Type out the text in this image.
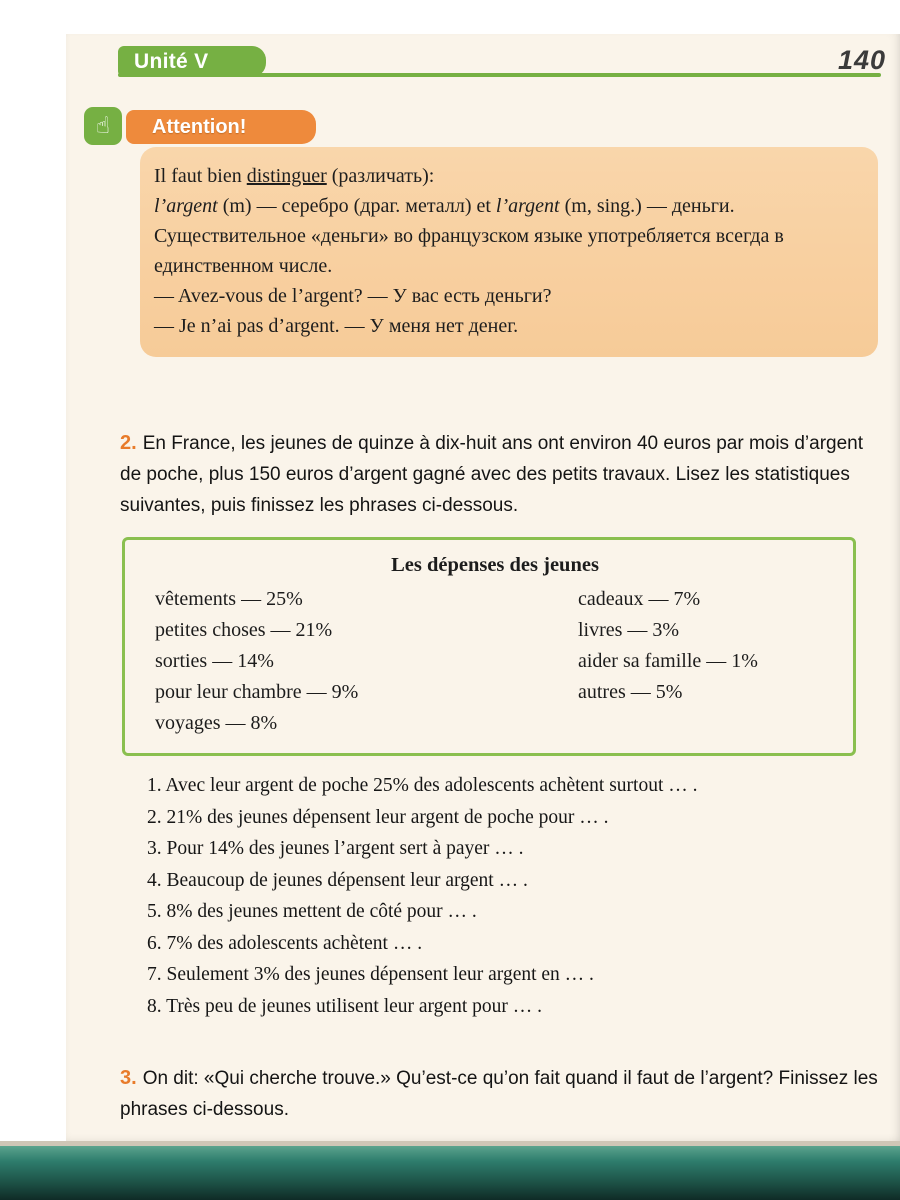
Unité V	140
☝ Attention!
Il faut bien distinguer (различать):
l’argent (m) — серебро (драг. металл) et l’argent (m, sing.) — деньги.
Существительное «деньги» во французском языке употребляется всегда в единственном числе.
— Avez-vous de l’argent? — У вас есть деньги?
— Je n’ai pas d’argent. — У меня нет денег.
2. En France, les jeunes de quinze à dix-huit ans ont environ 40 euros par mois d’argent de poche, plus 150 euros d’argent gagné avec des petits travaux. Lisez les statistiques suivantes, puis finissez les phrases ci-dessous.
Les dépenses des jeunes
vêtements — 25%
petites choses — 21%
sorties — 14%
pour leur chambre — 9%
voyages — 8%
cadeaux — 7%
livres — 3%
aider sa famille — 1%
autres — 5%

1. Avec leur argent de poche 25% des adolescents achètent surtout … .

2. 21% des jeunes dépensent leur argent de poche pour … .

3. Pour 14% des jeunes l’argent sert à payer … .

4. Beaucoup de jeunes dépensent leur argent … .

5. 8% des jeunes mettent de côté pour … .

6. 7% des adolescents achètent … .

7. Seulement 3% des jeunes dépensent leur argent en … .

8. Très peu de jeunes utilisent leur argent pour … .

3. On dit: «Qui cherche trouve.» Qu’est-ce qu’on fait quand il faut de l’argent? Finissez les phrases ci-dessous.
